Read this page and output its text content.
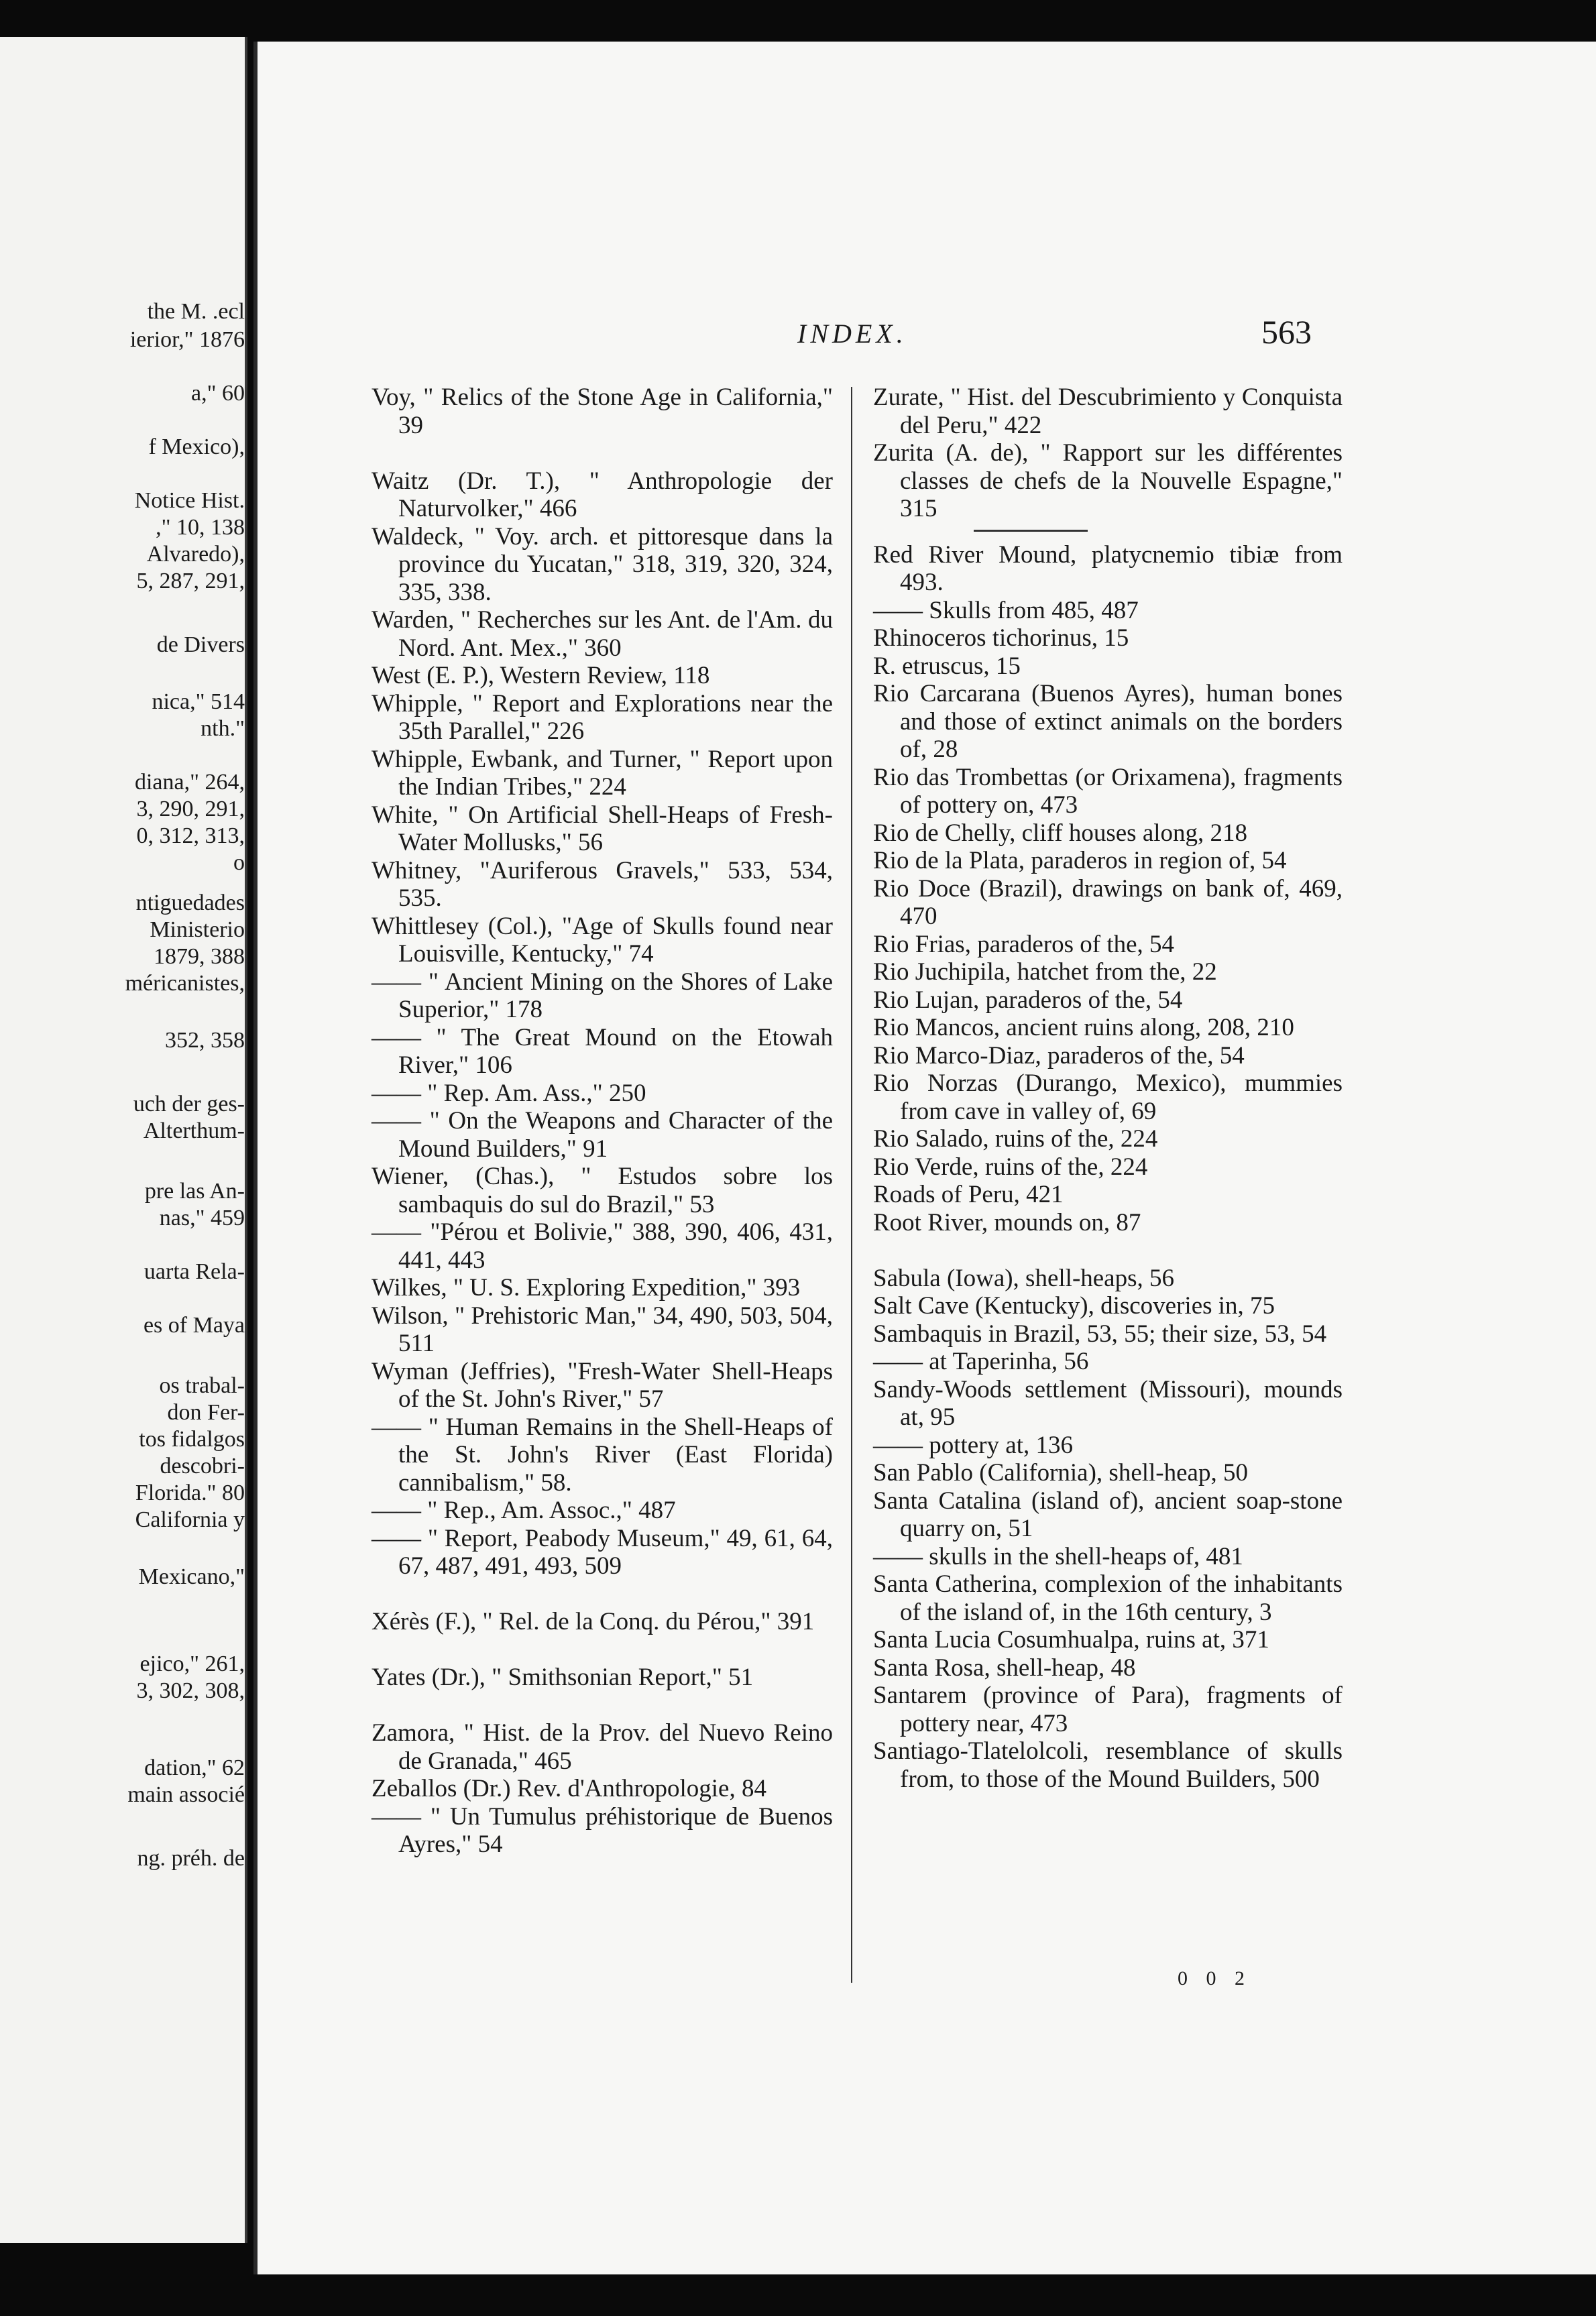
the M. .ecl
ierior," 1876
a," 60
f Mexico),
Notice Hist.
," 10, 138
Alvaredo),
5, 287, 291,
de Divers
nica," 514
nth."
diana," 264,
3, 290, 291,
0, 312, 313,
o
ntiguedades
Ministerio
1879, 388
méricanistes,
352, 358
uch der ges-
Alterthum-
pre las An-
nas," 459
uarta Rela-
es of Maya
os trabal-
don Fer-
tos fidalgos
descobri-
Florida." 80
California y
Mexicano,"
ejico," 261,
3, 302, 308,
dation," 62
main associé
ng. préh. de
INDEX.	563
Voy, " Relics of the Stone Age in California," 39
Waitz (Dr. T.), " Anthropologie der Naturvolker," 466
Waldeck, " Voy. arch. et pittoresque dans la province du Yucatan," 318, 319, 320, 324, 335, 338.
Warden, " Recherches sur les Ant. de l'Am. du Nord. Ant. Mex.," 360
West (E. P.), Western Review, 118
Whipple, " Report and Explorations near the 35th Parallel," 226
Whipple, Ewbank, and Turner, " Report upon the Indian Tribes," 224
White, " On Artificial Shell-Heaps of Fresh-Water Mollusks," 56
Whitney, "Auriferous Gravels," 533, 534, 535.
Whittlesey (Col.), "Age of Skulls found near Louisville, Kentucky," 74
—— " Ancient Mining on the Shores of Lake Superior," 178
—— " The Great Mound on the Etowah River," 106
—— " Rep. Am. Ass.," 250
—— " On the Weapons and Character of the Mound Builders," 91
Wiener, (Chas.), " Estudos sobre los sambaquis do sul do Brazil," 53
—— "Pérou et Bolivie," 388, 390, 406, 431, 441, 443
Wilkes, " U. S. Exploring Expedition," 393
Wilson, " Prehistoric Man," 34, 490, 503, 504, 511
Wyman (Jeffries), "Fresh-Water Shell-Heaps of the St. John's River," 57
—— " Human Remains in the Shell-Heaps of the St. John's River (East Florida) cannibalism," 58.
—— " Rep., Am. Assoc.," 487
—— " Report, Peabody Museum," 49, 61, 64, 67, 487, 491, 493, 509
Xérès (F.), " Rel. de la Conq. du Pérou," 391
Yates (Dr.), " Smithsonian Report," 51
Zamora, " Hist. de la Prov. del Nuevo Reino de Granada," 465
Zeballos (Dr.) Rev. d'Anthropologie, 84
—— " Un Tumulus préhistorique de Buenos Ayres," 54
Zurate, " Hist. del Descubrimiento y Conquista del Peru," 422
Zurita (A. de), " Rapport sur les différentes classes de chefs de la Nouvelle Espagne," 315
Red River Mound, platycnemio tibiæ from 493.
—— Skulls from 485, 487
Rhinoceros tichorinus, 15
R. etruscus, 15
Rio Carcarana (Buenos Ayres), human bones and those of extinct animals on the borders of, 28
Rio das Trombettas (or Orixamena), fragments of pottery on, 473
Rio de Chelly, cliff houses along, 218
Rio de la Plata, paraderos in region of, 54
Rio Doce (Brazil), drawings on bank of, 469, 470
Rio Frias, paraderos of the, 54
Rio Juchipila, hatchet from the, 22
Rio Lujan, paraderos of the, 54
Rio Mancos, ancient ruins along, 208, 210
Rio Marco-Diaz, paraderos of the, 54
Rio Norzas (Durango, Mexico), mummies from cave in valley of, 69
Rio Salado, ruins of the, 224
Rio Verde, ruins of the, 224
Roads of Peru, 421
Root River, mounds on, 87
Sabula (Iowa), shell-heaps, 56
Salt Cave (Kentucky), discoveries in, 75
Sambaquis in Brazil, 53, 55; their size, 53, 54
—— at Taperinha, 56
Sandy-Woods settlement (Missouri), mounds at, 95
—— pottery at, 136
San Pablo (California), shell-heap, 50
Santa Catalina (island of), ancient soap-stone quarry on, 51
—— skulls in the shell-heaps of, 481
Santa Catherina, complexion of the inhabitants of the island of, in the 16th century, 3
Santa Lucia Cosumhualpa, ruins at, 371
Santa Rosa, shell-heap, 48
Santarem (province of Para), fragments of pottery near, 473
Santiago-Tlatelolcoli, resemblance of skulls from, to those of the Mound Builders, 500
0 0 2
